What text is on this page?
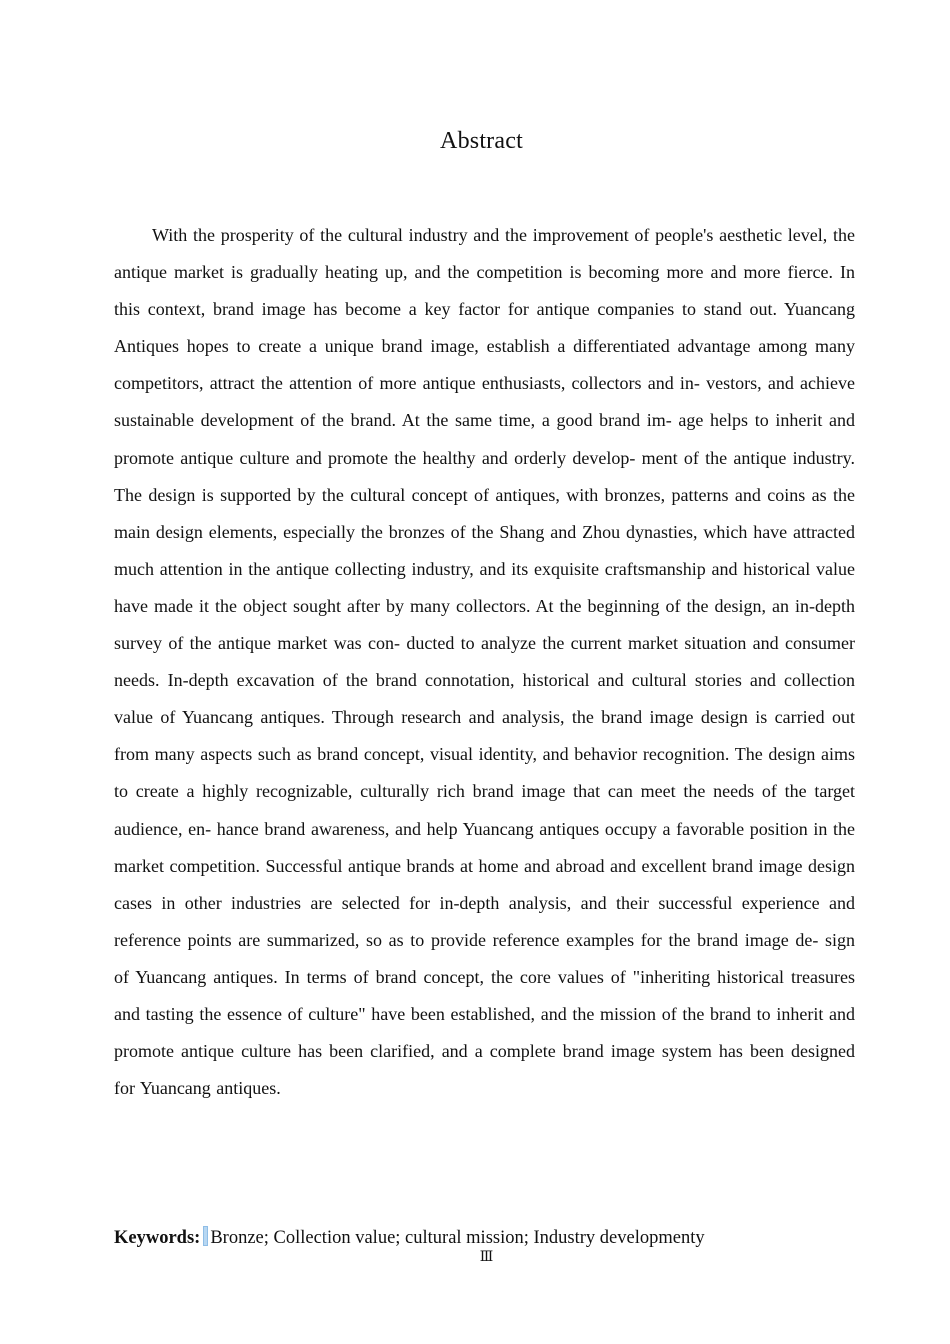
Abstract

With the prosperity of the cultural industry and the improvement of people's aesthetic level, the antique market is gradually heating up, and the competition is becoming more and more fierce. In this context, brand image has become a key factor for antique companies to stand out. Yuancang Antiques hopes to create a unique brand image, establish a differentiated advantage among many competitors, attract the attention of more antique enthusiasts, collectors and in- vestors, and achieve sustainable development of the brand. At the same time, a good brand im- age helps to inherit and promote antique culture and promote the healthy and orderly develop- ment of the antique industry. The design is supported by the cultural concept of antiques, with bronzes, patterns and coins as the main design elements, especially the bronzes of the Shang and Zhou dynasties, which have attracted much attention in the antique collecting industry, and its exquisite craftsmanship and historical value have made it the object sought after by many collectors. At the beginning of the design, an in-depth survey of the antique market was con- ducted to analyze the current market situation and consumer needs. In-depth excavation of the brand connotation, historical and cultural stories and collection value of Yuancang antiques. Through research and analysis, the brand image design is carried out from many aspects such as brand concept, visual identity, and behavior recognition. The design aims to create a highly recognizable, culturally rich brand image that can meet the needs of the target audience, en- hance brand awareness, and help Yuancang antiques occupy a favorable position in the market competition. Successful antique brands at home and abroad and excellent brand image design cases in other industries are selected for in-depth analysis, and their successful experience and reference points are summarized, so as to provide reference examples for the brand image de- sign of Yuancang antiques. In terms of brand concept, the core values of "inheriting historical treasures and tasting the essence of culture" have been established, and the mission of the brand to inherit and promote antique culture has been clarified, and a complete brand image system has been designed for Yuancang antiques.

Keywords: Bronze; Collection value; cultural mission; Industry developmenty
Ⅲ
